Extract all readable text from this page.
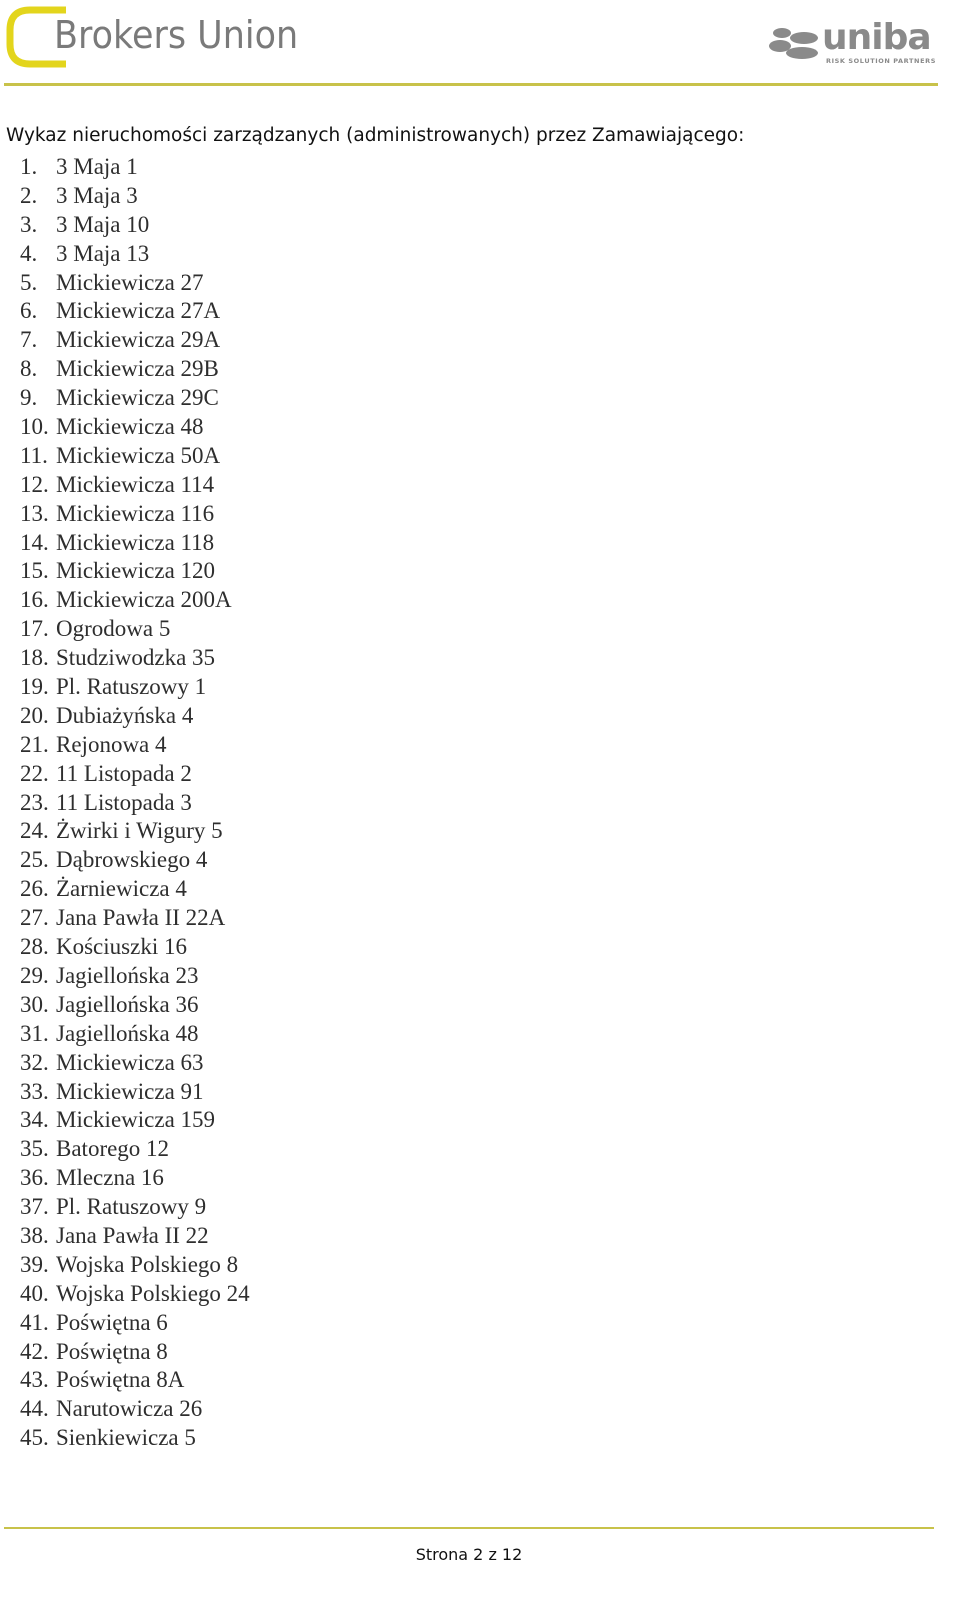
Brokers Union	uniba
RISK SOLUTION PARTNERS
Wykaz nieruchomości zarządzanych (administrowanych) przez Zamawiającego:
1. 3 Maja 1
2. 3 Maja 3
3. 3 Maja 10
4. 3 Maja 13
5. Mickiewicza 27
6. Mickiewicza 27A
7. Mickiewicza 29A
8. Mickiewicza 29B
9. Mickiewicza 29C
10. Mickiewicza 48
11. Mickiewicza 50A
12. Mickiewicza 114
13. Mickiewicza 116
14. Mickiewicza 118
15. Mickiewicza 120
16. Mickiewicza 200A
17. Ogrodowa 5
18. Studziwodzka 35
19. Pl. Ratuszowy 1
20. Dubiażyńska 4
21. Rejonowa 4
22. 11 Listopada 2
23. 11 Listopada 3
24. Żwirki i Wigury 5
25. Dąbrowskiego 4
26. Żarniewicza 4
27. Jana Pawła II 22A
28. Kościuszki 16
29. Jagiellońska 23
30. Jagiellońska 36
31. Jagiellońska 48
32. Mickiewicza 63
33. Mickiewicza 91
34. Mickiewicza 159
35. Batorego 12
36. Mleczna 16
37. Pl. Ratuszowy 9
38. Jana Pawła II 22
39. Wojska Polskiego 8
40. Wojska Polskiego 24
41. Poświętna 6
42. Poświętna 8
43. Poświętna 8A
44. Narutowicza 26
45. Sienkiewicza 5
Strona 2 z 12
